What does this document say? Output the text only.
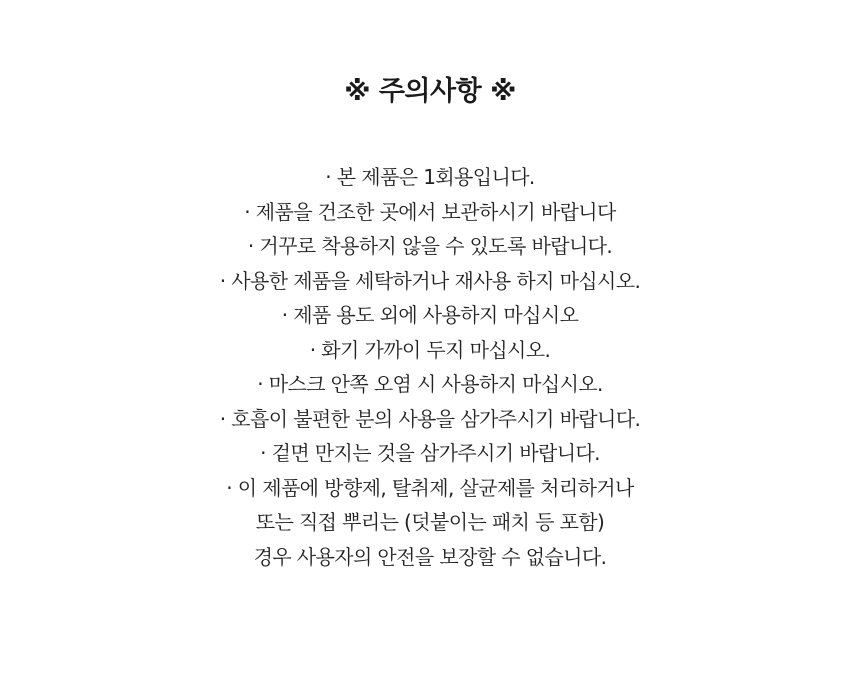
※ 주의사항 ※
· 본 제품은 1회용입니다.
· 제품을 건조한 곳에서 보관하시기 바랍니다
· 거꾸로 착용하지 않을 수 있도록 바랍니다.
· 사용한 제품을 세탁하거나 재사용 하지 마십시오.
· 제품 용도 외에 사용하지 마십시오
· 화기 가까이 두지 마십시오.
· 마스크 안쪽 오염 시 사용하지 마십시오.
· 호흡이 불편한 분의 사용을 삼가주시기 바랍니다.
· 겉면 만지는 것을 삼가주시기 바랍니다.
· 이 제품에 방향제, 탈취제, 살균제를 처리하거나
또는 직접 뿌리는 (덧붙이는 패치 등 포함)
경우 사용자의 안전을 보장할 수 없습니다.
